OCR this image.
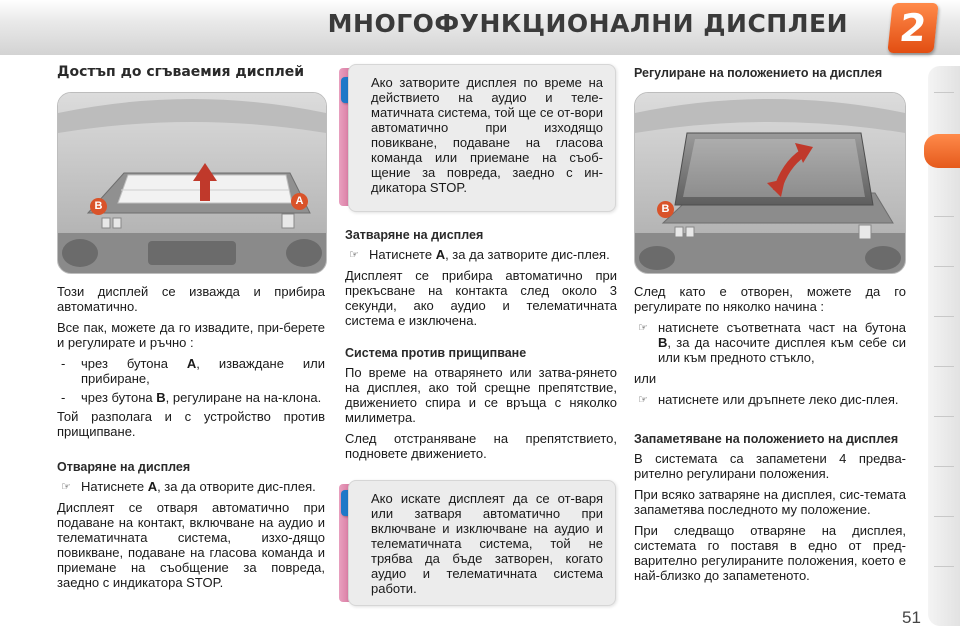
МНОГОФУНКЦИОНАЛНИ ДИСПЛЕИ 2
Достъп до сгъваемия дисплей
B	A

Този дисплей се изважда и прибира автоматично.

Все пак, можете да го извадите, при-берете и регулирате и ръчно :

- чрез бутона A, изваждане или прибиране,
- чрез бутона B, регулиране на на-клона.

Той разполага и с устройство против прищипване.

Отваряне на дисплея
☞ Натиснете A, за да отворите дис-плея.

Дисплеят се отваря автоматично при подаване на контакт, включване на аудио и телематичната система, изхо-дящо повикване, подаване на гласова команда и приемане на съобщение за повреда, заедно с индикатора STOP.

Ако затворите дисплея по време на действието на аудио и теле-матичната система, той ще се от-вори автоматично при изходящо повикване, подаване на гласова команда или приемане на съоб-щение за повреда, заедно с ин-дикатора STOP.
Затваряне на дисплея
☞ Натиснете A, за да затворите дис-плея.

Дисплеят се прибира автоматично при прекъсване на контакта след около 3 секунди, ако аудио и телематичната система е изключена.

Система против прищипване

По време на отварянето или затва-рянето на дисплея, ако той срещне препятствие, движението спира и се връща с няколко милиметра.

След отстраняване на препятствието, подновете движението.

Ако искате дисплеят да се от-варя или затваря автоматично при включване и изключване на аудио и телематичната система, той не трябва да бъде затворен, когато аудио и телематичната система работи.
Регулиране на положението на дисплея
B

След като е отворен, можете да го регулирате по няколко начина :

☞ натиснете съответната част на бутона B, за да насочите дисплея към себе си или към предното стъкло,

или

☞ натиснете или дръпнете леко дис-плея.
Запаметяване на положението на дисплея

В системата са запаметени 4 предва-рително регулирани положения.

При всяко затваряне на дисплея, сис-темата запаметява последното му положение.

При следващо отваряне на дисплея, системата го поставя в едно от пред-варително регулираните положения, което е най-близко до запаметеното.

51
